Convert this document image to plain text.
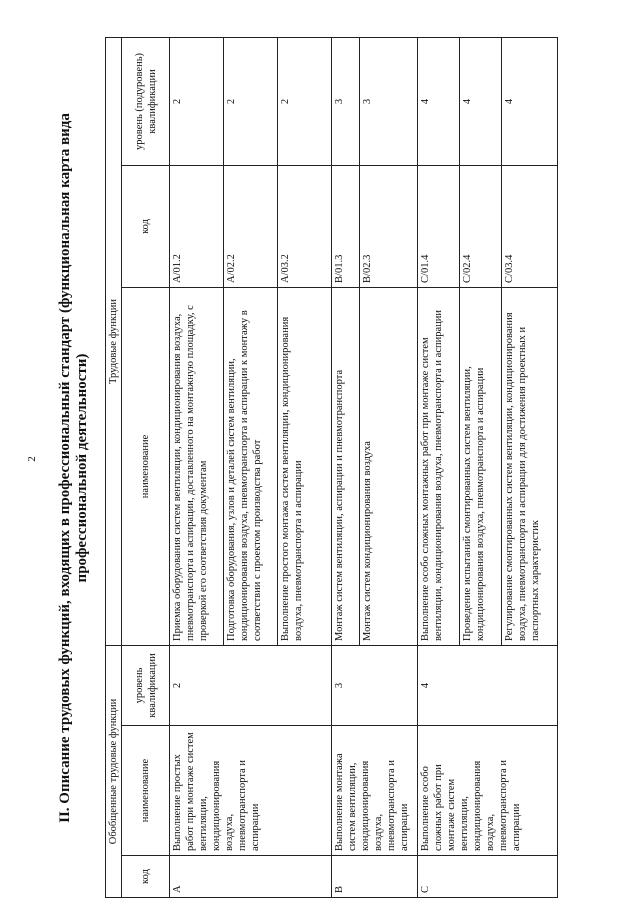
2 II. Описание трудовых функций, входящих в профессиональный стандарт (функциональная карта вида профессиональной деятельности)

Обобщенные трудовые функции			Трудовые функции		
код	наименование	уровень квалификации	наименование	код	уровень (подуровень) квалификации
A	Выполнение простых работ при монтаже систем вентиляции, кондиционирования воздуха, пневмотранспорта и аспирации	2	Приемка оборудования систем вентиляции, кондиционирования воздуха, пневмотранспорта и аспирации, доставленного на монтажную площадку, с проверкой его соответствия документам	A/01.2	2
			Подготовка оборудования, узлов и деталей систем вентиляции, кондиционирования воздуха, пневмотранспорта и аспирации к монтажу в соответствии с проектом производства работ	A/02.2	2
			Выполнение простого монтажа систем вентиляции, кондиционирования воздуха, пневмотранспорта и аспирации	A/03.2	2
B	Выполнение монтажа систем вентиляции, кондиционирования воздуха, пневмотранспорта и аспирации	3	Монтаж систем вентиляции, аспирации и пневмотранспорта	B/01.3	3
			Монтаж систем кондиционирования воздуха	B/02.3	3
C	Выполнение особо сложных работ при монтаже систем вентиляции, кондиционирования воздуха, пневмотранспорта и аспирации	4	Выполнение особо сложных монтажных работ при монтаже систем вентиляции, кондиционирования воздуха, пневмотранспорта и аспирации	C/01.4	4
			Проведение испытаний смонтированных систем вентиляции, кондиционирования воздуха, пневмотранспорта и аспирации	C/02.4	4
			Регулирование смонтированных систем вентиляции, кондиционирования воздуха, пневмотранспорта и аспирации для достижения проектных и паспортных характеристик	C/03.4	4
